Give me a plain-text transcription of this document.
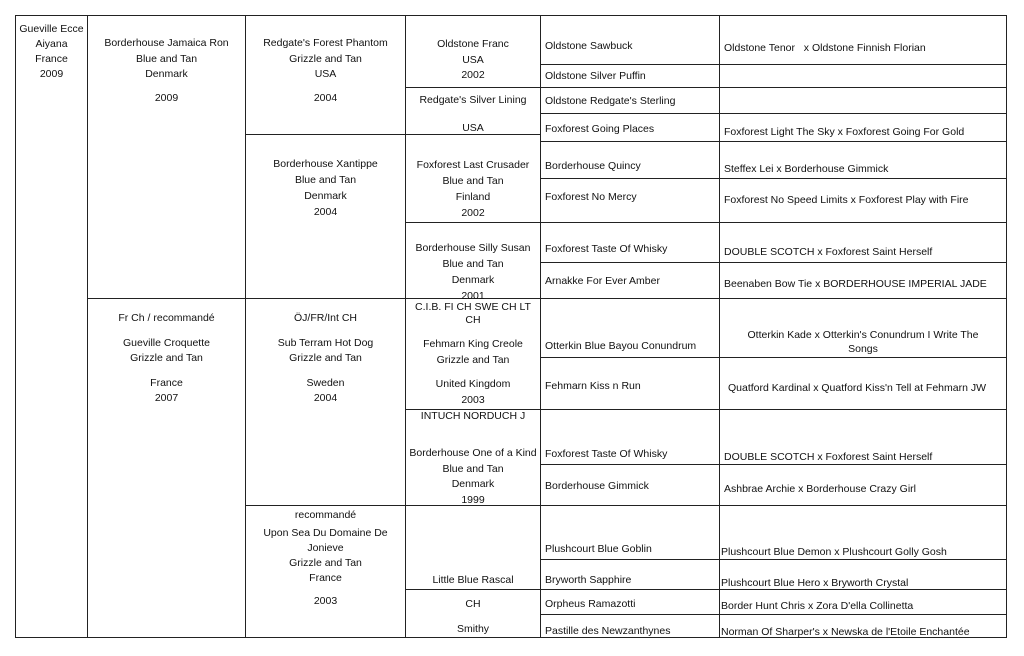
Gueville Ecce
Aiyana
France
2009
Borderhouse Jamaica Ron
Blue and Tan
Denmark
2009
Fr Ch / recommandé
Gueville Croquette
Grizzle and Tan
France
2007
Redgate's Forest Phantom
Grizzle and Tan
USA
2004
Borderhouse Xantippe
Blue and Tan
Denmark
2004
ÖJ/FR/Int CH
Sub Terram Hot Dog
Grizzle and Tan
Sweden
2004
recommandé
Upon Sea Du Domaine De
Jonieve
Grizzle and Tan
France
2003
Oldstone Franc
USA
2002
Redgate's Silver Lining
USA
Foxforest Last Crusader
Blue and Tan
Finland
2002
Borderhouse Silly Susan
Blue and Tan
Denmark
2001
C.I.B. FI CH SWE CH LT
CH
Fehmarn King Creole
Grizzle and Tan
United Kingdom
2003
INTUCH NORDUCH J
Borderhouse One of a Kind
Blue and Tan
Denmark
1999
Little Blue Rascal
CH
Smithy
Oldstone Sawbuck
Oldstone Silver Puffin
Oldstone Redgate's Sterling
Foxforest Going Places
Borderhouse Quincy
Foxforest No Mercy
Foxforest Taste Of Whisky
Arnakke For Ever Amber
Otterkin Blue Bayou Conundrum
Fehmarn Kiss n Run
Foxforest Taste Of Whisky
Borderhouse Gimmick
Plushcourt Blue Goblin
Bryworth Sapphire
Orpheus Ramazotti
Pastille des Newzanthynes
Oldstone Tenor   x Oldstone Finnish Florian
Foxforest Light The Sky x Foxforest Going For Gold
Steffex Lei x Borderhouse Gimmick
Foxforest No Speed Limits x Foxforest Play with Fire
DOUBLE SCOTCH x Foxforest Saint Herself
Beenaben Bow Tie x BORDERHOUSE IMPERIAL JADE
Otterkin Kade x Otterkin's Conundrum I Write The
Songs
Quatford Kardinal x Quatford Kiss'n Tell at Fehmarn JW
DOUBLE SCOTCH x Foxforest Saint Herself
Ashbrae Archie x Borderhouse Crazy Girl
Plushcourt Blue Demon x Plushcourt Golly Gosh
Plushcourt Blue Hero x Bryworth Crystal
Border Hunt Chris x Zora D'ella Collinetta
Norman Of Sharper's x Newska de l'Etoile Enchantée
